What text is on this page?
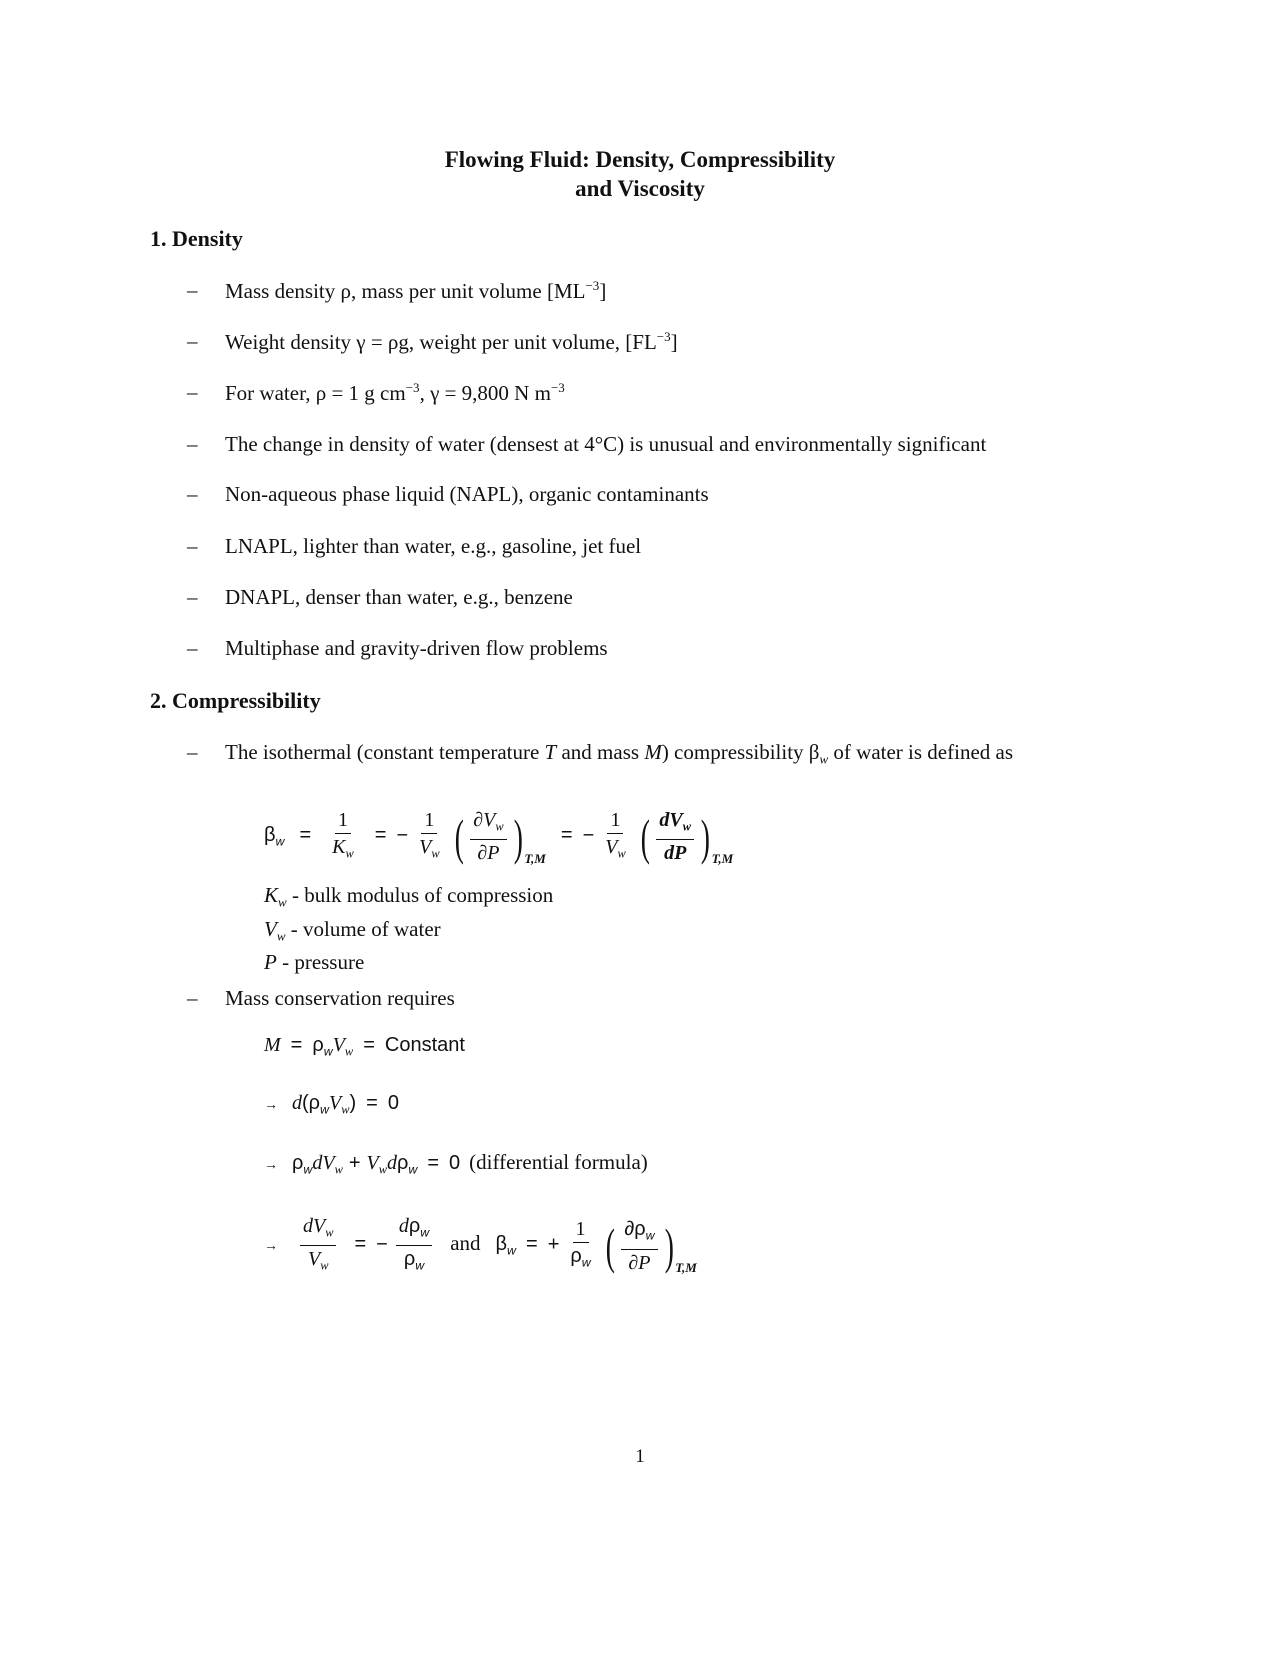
Flowing Fluid: Density, Compressibility
and Viscosity
1. Density
– Mass density ρ, mass per unit volume $[ML^{-3}]$
– Weight density γ = ρg, weight per unit volume, $[FL^{-3}]$
– For water, ρ = 1 g $cm^{-3}$, γ = 9,800 N $m^{-3}$
– The change in density of water (densest at 4°C) is unusual and environmentally significant
– Non-aqueous phase liquid (NAPL), organic contaminants
– LNAPL, lighter than water, e.g., gasoline, jet fuel
– DNAPL, denser than water, e.g., benzene
– Multiphase and gravity-driven flow problems
2. Compressibility
– The isothermal (constant temperature T and mass M) compressibility $\beta_w$ of water is defined as
$\beta_w = \frac{1}{K_w}$ = − $\frac{1}{V_w}$ ( $\frac{\partial V_w}{\partial P}$ ) $_{T,M}$ = − $\frac{1}{V_w}$ ( $\frac{dV_w}{dP}$ ) $_{T,M}$
$K_w$ - bulk modulus of compression
$V_w$ - volume of water
P - pressure
– Mass conservation requires
$M = \rho_wV_w$ = Constant
→ $d(\rho_wV_w) = 0$
→ $\rho_wdV_w + V_wd\rho_w = 0$ (differential formula)
→ $\frac{dV_w}{V_w}$ = − $\frac{d\rho_w}{\rho_w}$ and $\beta_w$ = + $\frac{1}{\rho_w}$ ( $\frac{\partial\rho_w}{\partial P}$ ) $_{T,M}$
1
